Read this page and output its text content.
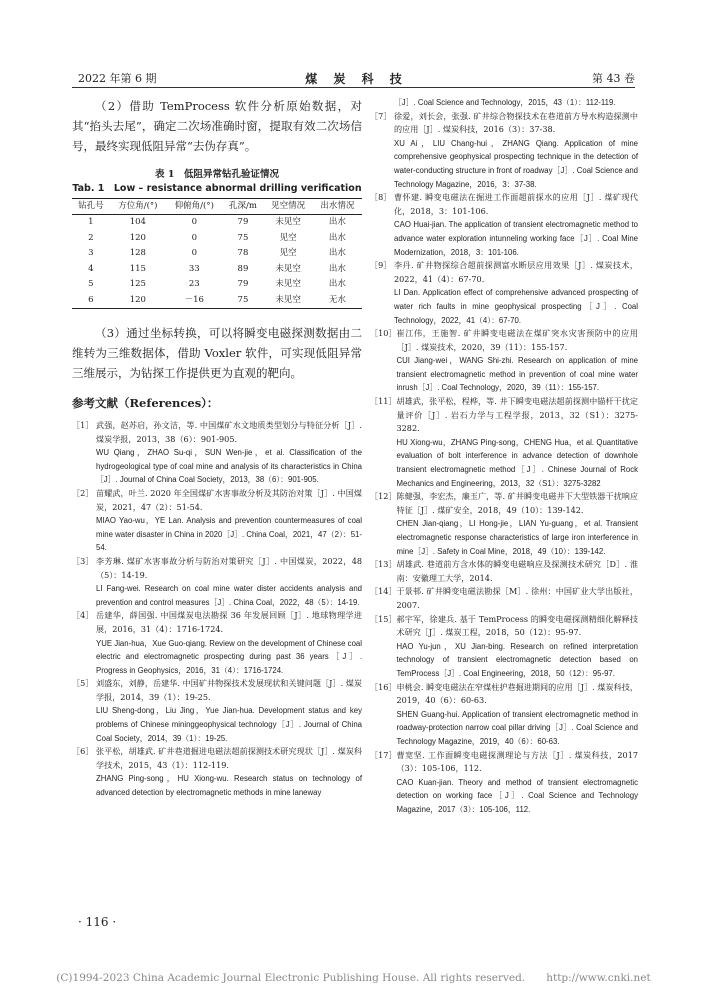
2022 年第 6 期	煤 炭 科 技	第 43 卷

（2）借助 TemProcess 软件分析原始数据，对其“掐头去尾”，确定二次场准确时窗，提取有效二次场信号，最终实现低阻异常“去伪存真”。

表 1　低阻异常钻孔验证情况
Tab. 1　Low – resistance abnormal drilling verification
钻孔号	方位角/(°)	仰俯角/(°)	孔深/m	见空情况	出水情况
1	104	0	79	未见空	出水
2	120	0	75	见空	出水
3	128	0	78	见空	出水
4	115	33	89	未见空	出水
5	125	23	79	未见空	出水
6	120	－16	75	未见空	无水

（3）通过坐标转换，可以将瞬变电磁探测数据由二维转为三维数据体，借助 Voxler 软件，可实现低阻异常三维展示，为钻探工作提供更为直观的靶向。

参考文献（References）：
［1］ 武强，赵苏启，孙文洁，等. 中国煤矿水文地质类型划分与特征分析［J］. 煤炭学报，2013，38（6）：901-905.
WU Qiang，ZHAO Su-qi，SUN Wen-jie，et al. Classification of the hydrogeological type of coal mine and analysis of its characteristics in China［J］. Journal of China Coal Society，2013，38（6）：901-905.
［2］ 苗耀武，叶兰. 2020 年全国煤矿水害事故分析及其防治对策［J］. 中国煤炭，2021，47（2）：51-54.
MIAO Yao-wu，YE Lan. Analysis and prevention countermeasures of coal mine water disaster in China in 2020［J］. China Coal，2021，47（2）：51-54.
［3］ 李芳琳. 煤矿水害事故分析与防治对策研究［J］. 中国煤炭，2022，48（5）：14-19.
LI Fang-wei. Research on coal mine water dister accidents analysis and prevention and control measures［J］. China Coal，2022，48（5）：14-19.
［4］ 岳建华，薛国强. 中国煤炭电法勘探 36 年发展回顾［J］. 地球物理学进展，2016，31（4）：1716-1724.
YUE Jian-hua，Xue Guo-qiang. Review on the development of Chinese coal electric and electromagnetic prospecting during past 36 years［J］. Progress in Geophysics，2016，31（4）：1716-1724.
［5］ 刘盛东，刘静，岳建华. 中国矿井物探技术发展现状和关键问题［J］. 煤炭学报，2014，39（1）：19-25.
LIU Sheng-dong，Liu Jing，Yue Jian-hua. Development status and key problems of Chinese mininggeophysical technology［J］. Journal of China Coal Society，2014，39（1）：19-25.
［6］ 张平松，胡雄武. 矿井巷道掘进电磁法超前探测技术研究现状［J］. 煤炭科学技术，2015，43（1）：112-119.
ZHANG Ping-song，HU Xiong-wu. Research status on technology of advanced detection by electromagnetic methods in mine laneway
［J］. Coal Science and Technology，2015，43（1）：112-119.
［7］ 徐爱，刘长会，张强. 矿井综合物探技术在巷道前方导水构造探测中的应用［J］. 煤炭科技，2016（3）：37-38.
XU Ai，LIU Chang-hui，ZHANG Qiang. Application of mine comprehensive geophysical prospecting technique in the detection of water-conducting structure in front of roadway［J］. Coal Science and Technology Magazine，2016，3：37-38.
［8］ 曹怀建. 瞬变电磁法在掘进工作面超前探水的应用［J］. 煤矿现代化，2018，3：101-106.
CAO Huai-jian. The application of transient electromagnetic method to advance water exploration intunneling working face［J］. Coal Mine Modernization，2018，3：101-106.
［9］ 李丹. 矿井物探综合超前探测富水断层应用效果［J］. 煤炭技术，2022，41（4）：67-70.
LI Dan. Application effect of comprehensive advanced prospecting of water rich faults in mine geophysical prospecting［J］. Coal Technology，2022，41（4）：67-70.
［10］ 崔江伟，王施智. 矿井瞬变电磁法在煤矿突水灾害预防中的应用［J］. 煤炭技术，2020，39（11）：155-157.
CUI Jiang-wei，WANG Shi-zhi. Research on application of mine transient electromagnetic method in prevention of coal mine water inrush［J］. Coal Technology，2020，39（11）：155-157.
［11］ 胡雄武，张平松，程桦，等. 井下瞬变电磁法超前探测中锚杆干扰定量评价［J］. 岩石力学与工程学报，2013，32（S1）：3275-3282.
HU Xiong-wu，ZHANG Ping-song，CHENG Hua，et al. Quantitative evaluation of bolt interference in advance detection of downhole transient electromagnetic method［J］. Chinese Journal of Rock Mechanics and Engineering，2013，32（S1）：3275-3282
［12］ 陈健强，李宏杰，廉玉广，等. 矿井瞬变电磁井下大型铁器干扰响应特征［J］. 煤矿安全，2018，49（10）：139-142.
CHEN Jian-qiang，LI Hong-jie，LIAN Yu-guang，et al. Transient electromagnetic response characteristics of large iron interference in mine［J］. Safety in Coal Mine，2018，49（10）：139-142.
［13］ 胡雄武. 巷道前方含水体的瞬变电磁响应及探测技术研究［D］. 淮南：安徽理工大学，2014.
［14］ 于景邨. 矿井瞬变电磁法勘探［M］. 徐州：中国矿业大学出版社，2007.
［15］ 郝宇军，徐建兵. 基于 TemProcess 的瞬变电磁探测精细化解释技术研究［J］. 煤炭工程，2018，50（12）：95-97.
HAO Yu-jun，XU Jian-bing. Research on refined interpretation technology of transient electromagnetic detection based on TemProcess［J］. Coal Engineering，2018，50（12）：95-97.
［16］ 申桃会. 瞬变电磁法在窄煤柱护巷掘进期间的应用［J］. 煤炭科技，2019，40（6）：60-63.
SHEN Guang-hui. Application of transient electromagnetic method in roadway-protection narrow coal pillar driving［J］. Coal Science and Technology Magazine，2019，40（6）：60-63.
［17］ 曹宽坚. 工作面瞬变电磁探测理论与方法［J］. 煤炭科技，2017（3）：105-106，112.
CAO Kuan-jian. Theory and method of transient electromagnetic detection on working face［J］. Coal Science and Technology Magazine，2017（3）：105-106，112.
· 116 ·
(C)1994-2023 China Academic Journal Electronic Publishing House. All rights reserved.　　http://www.cnki.net
